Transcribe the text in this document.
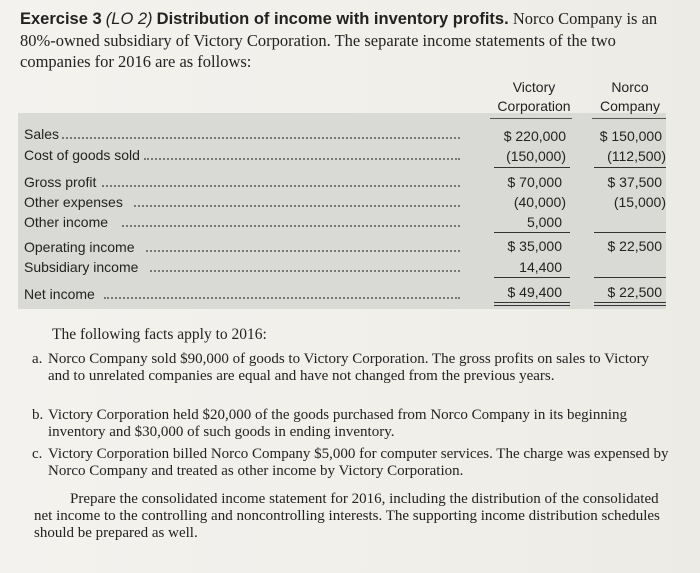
Exercise 3 (LO 2) Distribution of income with inventory profits. Norco Company is an 80%-owned subsidiary of Victory Corporation. The separate income statements of the two companies for 2016 are as follows:
Victory
Corporation
Norco
Company
Sales
Cost of goods sold
Gross profit
Other expenses
Other income
Operating income
Subsidiary income
Net income
$ 220,000
(150,000)
$ 70,000
(40,000)
5,000
$ 35,000
14,400
$ 49,400
$ 150,000
(112,500)
$ 37,500
(15,000)
$ 22,500
$ 22,500
The following facts apply to 2016:
a. Norco Company sold $90,000 of goods to Victory Corporation. The gross profits on sales to Victory and to unrelated companies are equal and have not changed from the previous years.
b. Victory Corporation held $20,000 of the goods purchased from Norco Company in its beginning inventory and $30,000 of such goods in ending inventory.
c. Victory Corporation billed Norco Company $5,000 for computer services. The charge was expensed by Norco Company and treated as other income by Victory Corporation.
Prepare the consolidated income statement for 2016, including the distribution of the consolidated net income to the controlling and noncontrolling interests. The supporting income distribution schedules should be prepared as well.
